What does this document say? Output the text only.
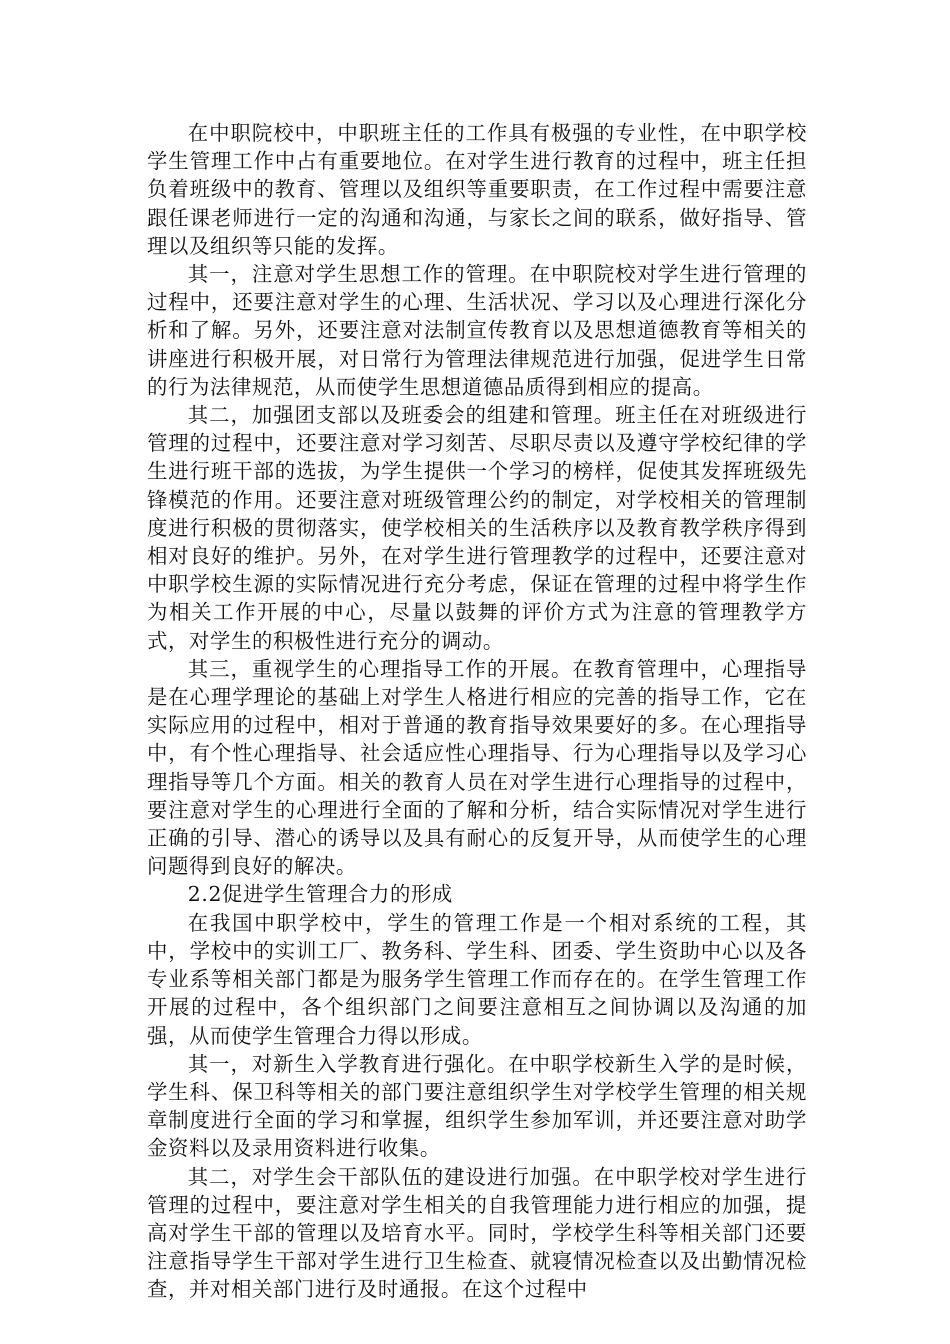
在中职院校中，中职班主任的工作具有极强的专业性，在中职学校学生管理工作中占有重要地位。在对学生进行教育的过程中，班主任担负着班级中的教育、管理以及组织等重要职责，在工作过程中需要注意跟任课老师进行一定的沟通和沟通，与家长之间的联系，做好指导、管理以及组织等只能的发挥。

其一，注意对学生思想工作的管理。在中职院校对学生进行管理的过程中，还要注意对学生的心理、生活状况、学习以及心理进行深化分析和了解。另外，还要注意对法制宣传教育以及思想道德教育等相关的讲座进行积极开展，对日常行为管理法律规范进行加强，促进学生日常的行为法律规范，从而使学生思想道德品质得到相应的提高。

其二，加强团支部以及班委会的组建和管理。班主任在对班级进行管理的过程中，还要注意对学习刻苦、尽职尽责以及遵守学校纪律的学生进行班干部的选拔，为学生提供一个学习的榜样，促使其发挥班级先锋模范的作用。还要注意对班级管理公约的制定，对学校相关的管理制度进行积极的贯彻落实，使学校相关的生活秩序以及教育教学秩序得到相对良好的维护。另外，在对学生进行管理教学的过程中，还要注意对中职学校生源的实际情况进行充分考虑，保证在管理的过程中将学生作为相关工作开展的中心，尽量以鼓舞的评价方式为注意的管理教学方式，对学生的积极性进行充分的调动。

其三，重视学生的心理指导工作的开展。在教育管理中，心理指导是在心理学理论的基础上对学生人格进行相应的完善的指导工作，它在实际应用的过程中，相对于普通的教育指导效果要好的多。在心理指导中，有个性心理指导、社会适应性心理指导、行为心理指导以及学习心理指导等几个方面。相关的教育人员在对学生进行心理指导的过程中，要注意对学生的心理进行全面的了解和分析，结合实际情况对学生进行正确的引导、潜心的诱导以及具有耐心的反复开导，从而使学生的心理问题得到良好的解决。

2.2促进学生管理合力的形成

在我国中职学校中，学生的管理工作是一个相对系统的工程，其中，学校中的实训工厂、教务科、学生科、团委、学生资助中心以及各专业系等相关部门都是为服务学生管理工作而存在的。在学生管理工作开展的过程中，各个组织部门之间要注意相互之间协调以及沟通的加强，从而使学生管理合力得以形成。

其一，对新生入学教育进行强化。在中职学校新生入学的是时候，学生科、保卫科等相关的部门要注意组织学生对学校学生管理的相关规章制度进行全面的学习和掌握，组织学生参加军训，并还要注意对助学金资料以及录用资料进行收集。

其二，对学生会干部队伍的建设进行加强。在中职学校对学生进行管理的过程中，要注意对学生相关的自我管理能力进行相应的加强，提高对学生干部的管理以及培育水平。同时，学校学生科等相关部门还要注意指导学生干部对学生进行卫生检查、就寝情况检查以及出勤情况检查，并对相关部门进行及时通报。在这个过程中
